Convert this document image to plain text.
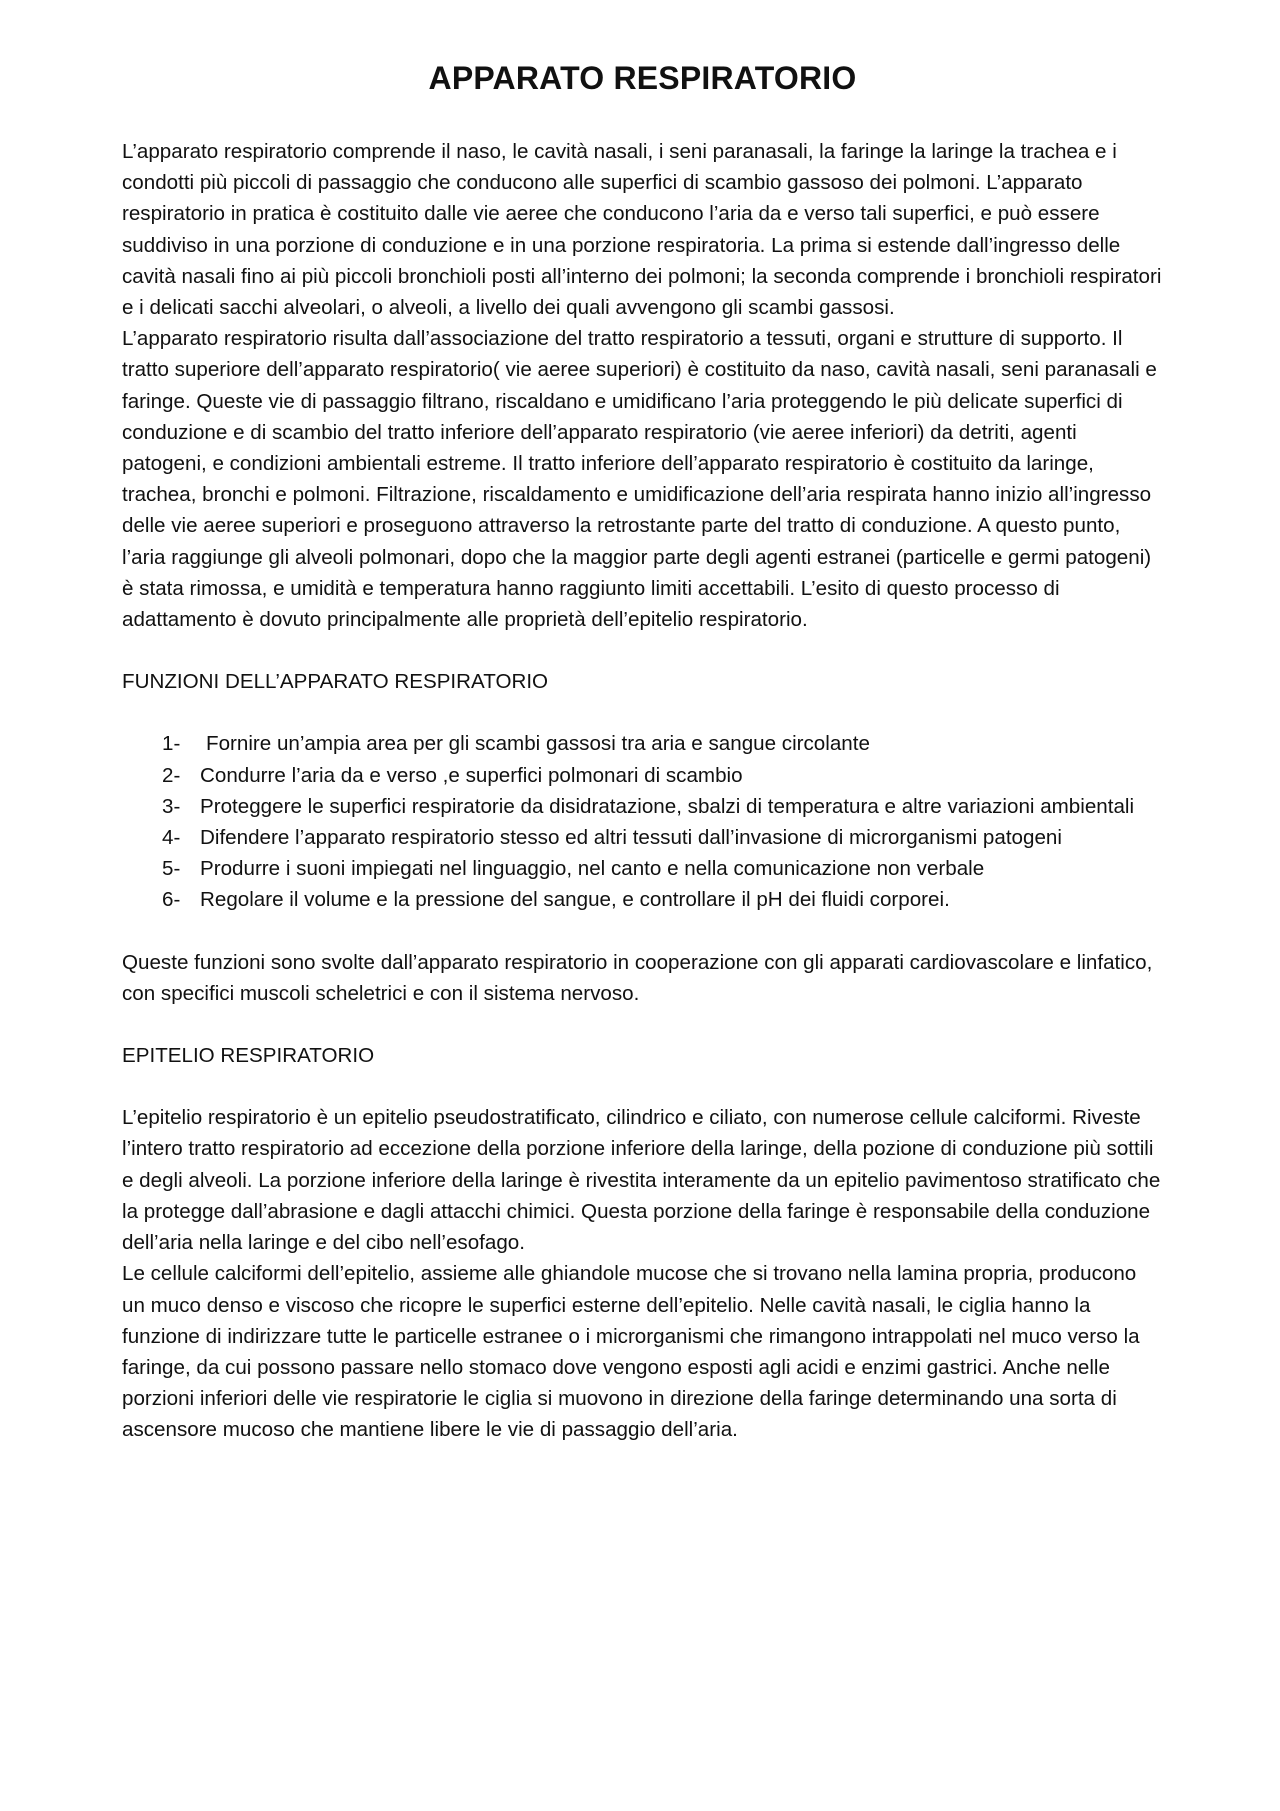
APPARATO RESPIRATORIO

L’apparato respiratorio comprende il naso, le cavità nasali, i seni paranasali, la faringe la laringe la trachea e i condotti più piccoli di passaggio che conducono alle superfici di scambio gassoso dei polmoni. L’apparato respiratorio in pratica è costituito dalle vie aeree che conducono l’aria da e verso tali superfici, e può essere suddiviso in una porzione di conduzione e in una porzione respiratoria. La prima si estende dall’ingresso delle cavità nasali fino ai più piccoli bronchioli posti all’interno dei polmoni; la seconda comprende i bronchioli respiratori e i delicati sacchi alveolari, o alveoli, a livello dei quali avvengono gli scambi gassosi.

L’apparato respiratorio risulta dall’associazione del tratto respiratorio a tessuti, organi e strutture di supporto. Il tratto superiore dell’apparato respiratorio( vie aeree superiori) è costituito da naso, cavità nasali, seni paranasali e faringe. Queste vie di passaggio filtrano, riscaldano e umidificano l’aria proteggendo le più delicate superfici di conduzione e di scambio del tratto inferiore dell’apparato respiratorio (vie aeree inferiori) da detriti, agenti patogeni, e condizioni ambientali estreme. Il tratto inferiore dell’apparato respiratorio è costituito da laringe, trachea, bronchi e polmoni. Filtrazione, riscaldamento e umidificazione dell’aria respirata hanno inizio all’ingresso delle vie aeree superiori e proseguono attraverso la retrostante parte del tratto di conduzione. A questo punto, l’aria raggiunge gli alveoli polmonari, dopo che la maggior parte degli agenti estranei (particelle e germi patogeni) è stata rimossa, e umidità e temperatura hanno raggiunto limiti accettabili. L’esito di questo processo di adattamento è dovuto principalmente alle proprietà dell’epitelio respiratorio.

FUNZIONI DELL’APPARATO RESPIRATORIO

1-	Fornire un’ampia area per gli scambi gassosi tra aria e sangue circolante
2- Condurre l’aria da e verso ,e superfici polmonari di scambio
3- Proteggere le superfici respiratorie da disidratazione, sbalzi di temperatura e altre variazioni ambientali
4- Difendere l’apparato respiratorio stesso ed altri tessuti dall’invasione di microrganismi patogeni
5- Produrre i suoni impiegati nel linguaggio, nel canto e nella comunicazione non verbale
6- Regolare il volume e la pressione del sangue, e controllare il pH dei fluidi corporei.

Queste funzioni sono svolte dall’apparato respiratorio in cooperazione con gli apparati cardiovascolare e linfatico, con specifici muscoli scheletrici e con il sistema nervoso.

EPITELIO RESPIRATORIO

L’epitelio respiratorio è un epitelio pseudostratificato, cilindrico e ciliato, con numerose cellule calciformi. Riveste l’intero tratto respiratorio ad eccezione della porzione inferiore della laringe, della pozione di conduzione più sottili e degli alveoli. La porzione inferiore della laringe è rivestita interamente da un epitelio pavimentoso stratificato che la protegge dall’abrasione e dagli attacchi chimici. Questa porzione della faringe è responsabile della conduzione dell’aria nella laringe e del cibo nell’esofago.

Le cellule calciformi dell’epitelio, assieme alle ghiandole mucose che si trovano nella lamina propria, producono un muco denso e viscoso che ricopre le superfici esterne dell’epitelio. Nelle cavità nasali, le ciglia hanno la funzione di indirizzare tutte le particelle estranee o i microrganismi che rimangono intrappolati nel muco verso la faringe, da cui possono passare nello stomaco dove vengono esposti agli acidi e enzimi gastrici. Anche nelle porzioni inferiori delle vie respiratorie le ciglia si muovono in direzione della faringe determinando una sorta di ascensore mucoso che mantiene libere le vie di passaggio dell’aria.
